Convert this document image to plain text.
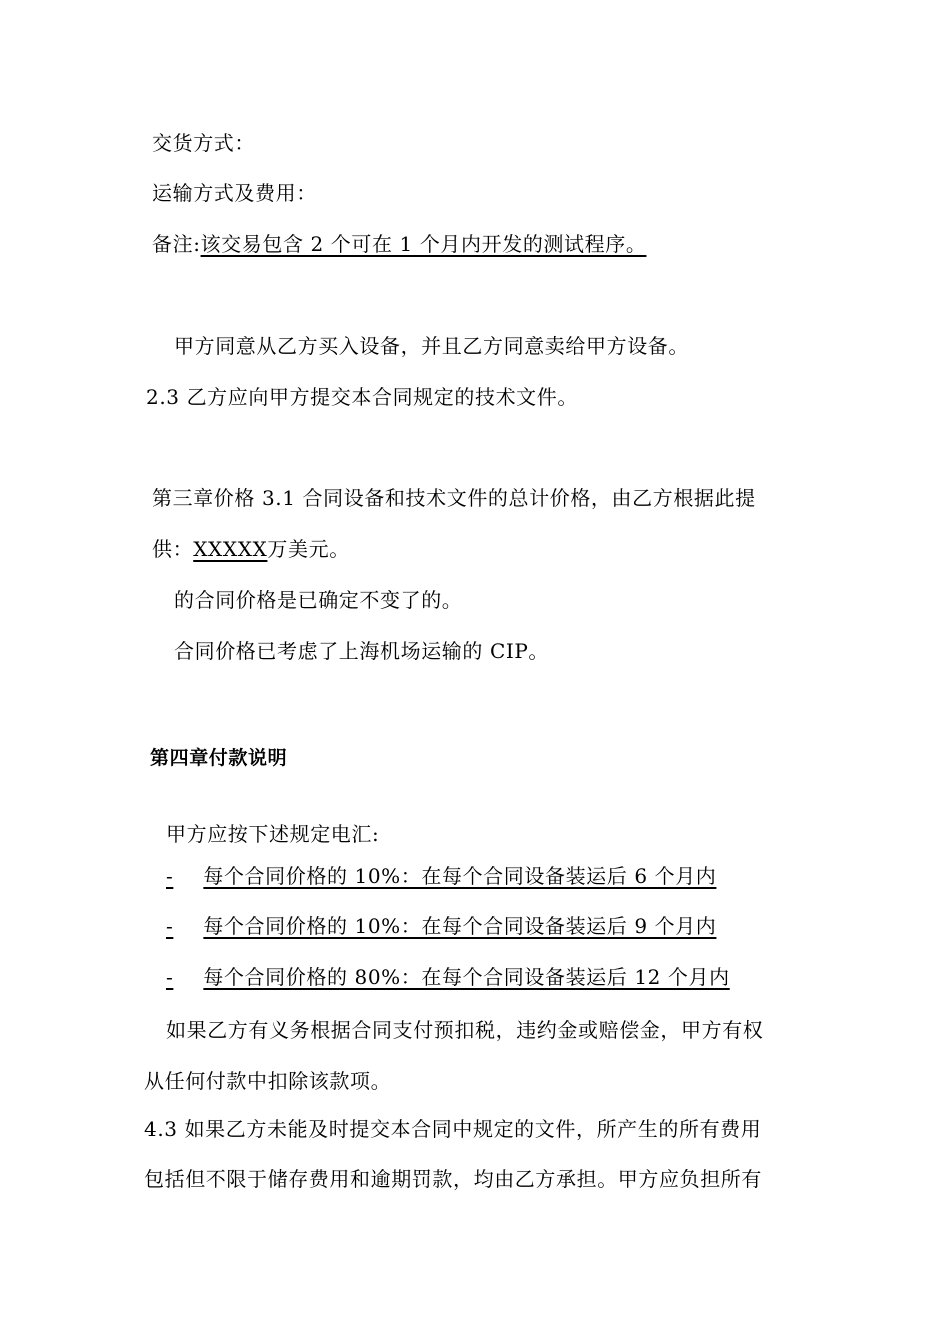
交货方式：
运输方式及费用：
备注:该交易包含 2 个可在 1 个月内开发的测试程序。
甲方同意从乙方买入设备，并且乙方同意卖给甲方设备。
2.3 乙方应向甲方提交本合同规定的技术文件。
第三章价格 3.1 合同设备和技术文件的总计价格，由乙方根据此提
供：XXXXX万美元。
的合同价格是已确定不变了的。
合同价格已考虑了上海机场运输的 CIP。
第四章付款说明
甲方应按下述规定电汇:
- 每个合同价格的 10%：在每个合同设备装运后 6 个月内
- 每个合同价格的 10%：在每个合同设备装运后 9 个月内
- 每个合同价格的 80%：在每个合同设备装运后 12 个月内
如果乙方有义务根据合同支付预扣税，违约金或赔偿金，甲方有权
从任何付款中扣除该款项。
4.3 如果乙方未能及时提交本合同中规定的文件，所产生的所有费用
包括但不限于储存费用和逾期罚款，均由乙方承担。甲方应负担所有
